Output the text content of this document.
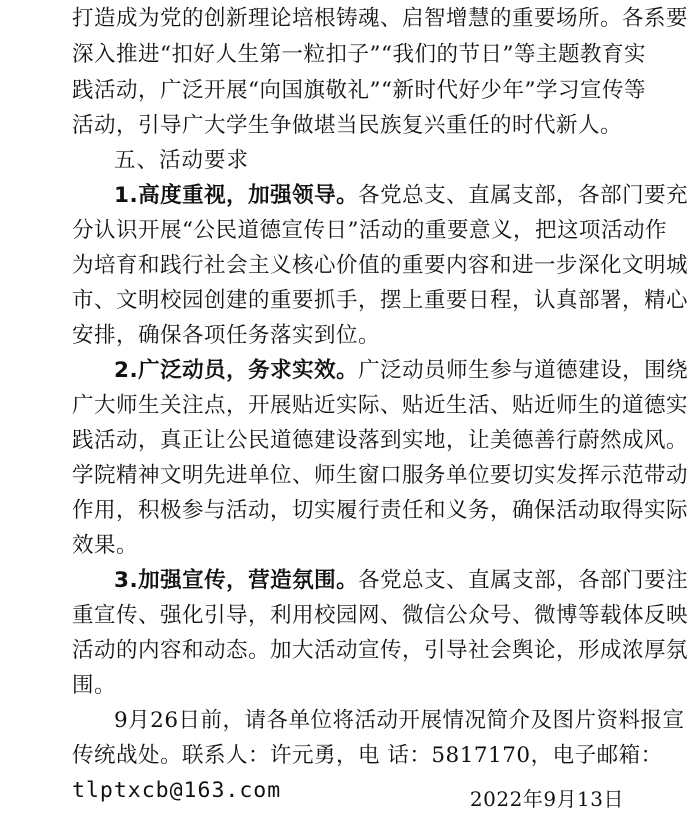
打造成为党的创新理论培根铸魂、启智增慧的重要场所。各系要
深入推进“扣好人生第一粒扣子”“我们的节日”等主题教育实
践活动，广泛开展“向国旗敬礼”“新时代好少年”学习宣传等
活动，引导广大学生争做堪当民族复兴重任的时代新人。
五、活动要求
1.高度重视，加强领导。各党总支、直属支部，各部门要充
分认识开展“公民道德宣传日”活动的重要意义，把这项活动作
为培育和践行社会主义核心价值的重要内容和进一步深化文明城
市、文明校园创建的重要抓手，摆上重要日程，认真部署，精心
安排，确保各项任务落实到位。
2.广泛动员，务求实效。广泛动员师生参与道德建设，围绕
广大师生关注点，开展贴近实际、贴近生活、贴近师生的道德实
践活动，真正让公民道德建设落到实地，让美德善行蔚然成风。
学院精神文明先进单位、师生窗口服务单位要切实发挥示范带动
作用，积极参与活动，切实履行责任和义务，确保活动取得实际
效果。
3.加强宣传，营造氛围。各党总支、直属支部，各部门要注
重宣传、强化引导，利用校园网、微信公众号、微博等载体反映
活动的内容和动态。加大活动宣传，引导社会舆论，形成浓厚氛
围。
9月26日前，请各单位将活动开展情况简介及图片资料报宣
传统战处。联系人：许元勇，电 话：5817170，电子邮箱：
tlptxcb@163.com	2022年9月13日
